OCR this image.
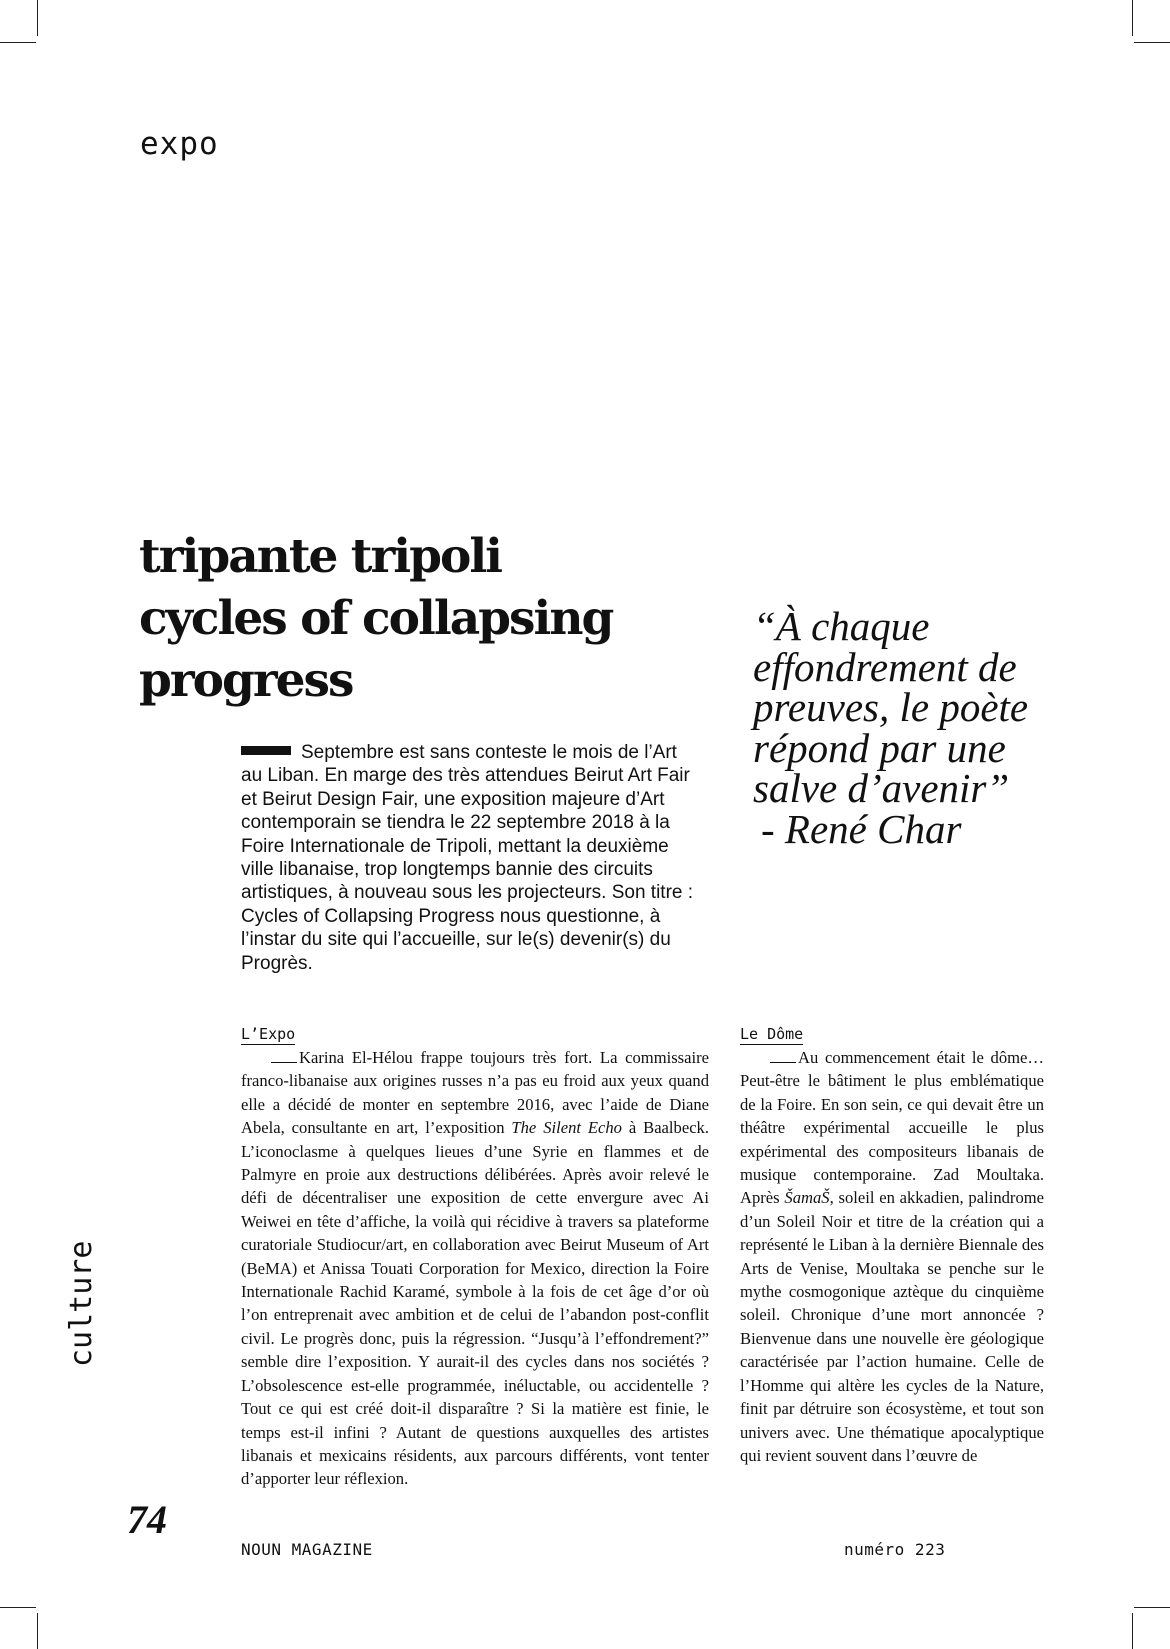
expo
tripante tripoli
cycles of collapsing
progress
“À chaque
effondrement de
preuves, le poète
répond par une
salve d’avenir”
- René Char
Septembre est sans conteste le mois de l’Art au Liban. En marge des très attendues Beirut Art Fair et Beirut Design Fair, une exposition majeure d’Art contemporain se tiendra le 22 septembre 2018 à la Foire Internationale de Tripoli, mettant la deuxième ville libanaise, trop longtemps bannie des circuits artistiques, à nouveau sous les projecteurs. Son titre : Cycles of Collapsing Progress nous questionne, à l’instar du site qui l’accueille, sur le(s) devenir(s) du Progrès.
L’Expo
Karina El-Hélou frappe toujours très fort. La commissaire franco-libanaise aux origines russes n’a pas eu froid aux yeux quand elle a décidé de monter en septembre 2016, avec l’aide de Diane Abela, consultante en art, l’exposition The Silent Echo à Baalbeck. L’iconoclasme à quelques lieues d’une Syrie en flammes et de Palmyre en proie aux destructions délibérées. Après avoir relevé le défi de décentraliser une exposition de cette envergure avec Ai Weiwei en tête d’affiche, la voilà qui récidive à travers sa plateforme curatoriale Studiocur/art, en collaboration avec Beirut Museum of Art (BeMA) et Anissa Touati Corporation for Mexico, direction la Foire Internationale Rachid Karamé, symbole à la fois de cet âge d’or où l’on entreprenait avec ambition et de celui de l’abandon post-conflit civil. Le progrès donc, puis la régression. “Jusqu’à l’effondrement?” semble dire l’exposition. Y aurait-il des cycles dans nos sociétés ? L’obsolescence est-elle programmée, inéluctable, ou accidentelle ? Tout ce qui est créé doit-il disparaître ? Si la matière est finie, le temps est-il infini ? Autant de questions auxquelles des artistes libanais et mexicains résidents, aux parcours différents, vont tenter d’apporter leur réflexion.
Le Dôme
Au commencement était le dôme… Peut-être le bâtiment le plus emblématique de la Foire. En son sein, ce qui devait être un théâtre expérimental accueille le plus expérimental des compositeurs libanais de musique contemporaine. Zad Moultaka. Après ŠamaŠ, soleil en akkadien, palindrome d’un Soleil Noir et titre de la création qui a représenté le Liban à la dernière Biennale des Arts de Venise, Moultaka se penche sur le mythe cosmogonique aztèque du cinquième soleil. Chronique d’une mort annoncée ? Bienvenue dans une nouvelle ère géologique caractérisée par l’action humaine. Celle de l’Homme qui altère les cycles de la Nature, finit par détruire son écosystème, et tout son univers avec. Une thématique apocalyptique qui revient souvent dans l’œuvre de
culture
74
NOUN MAGAZINE	numéro 223
